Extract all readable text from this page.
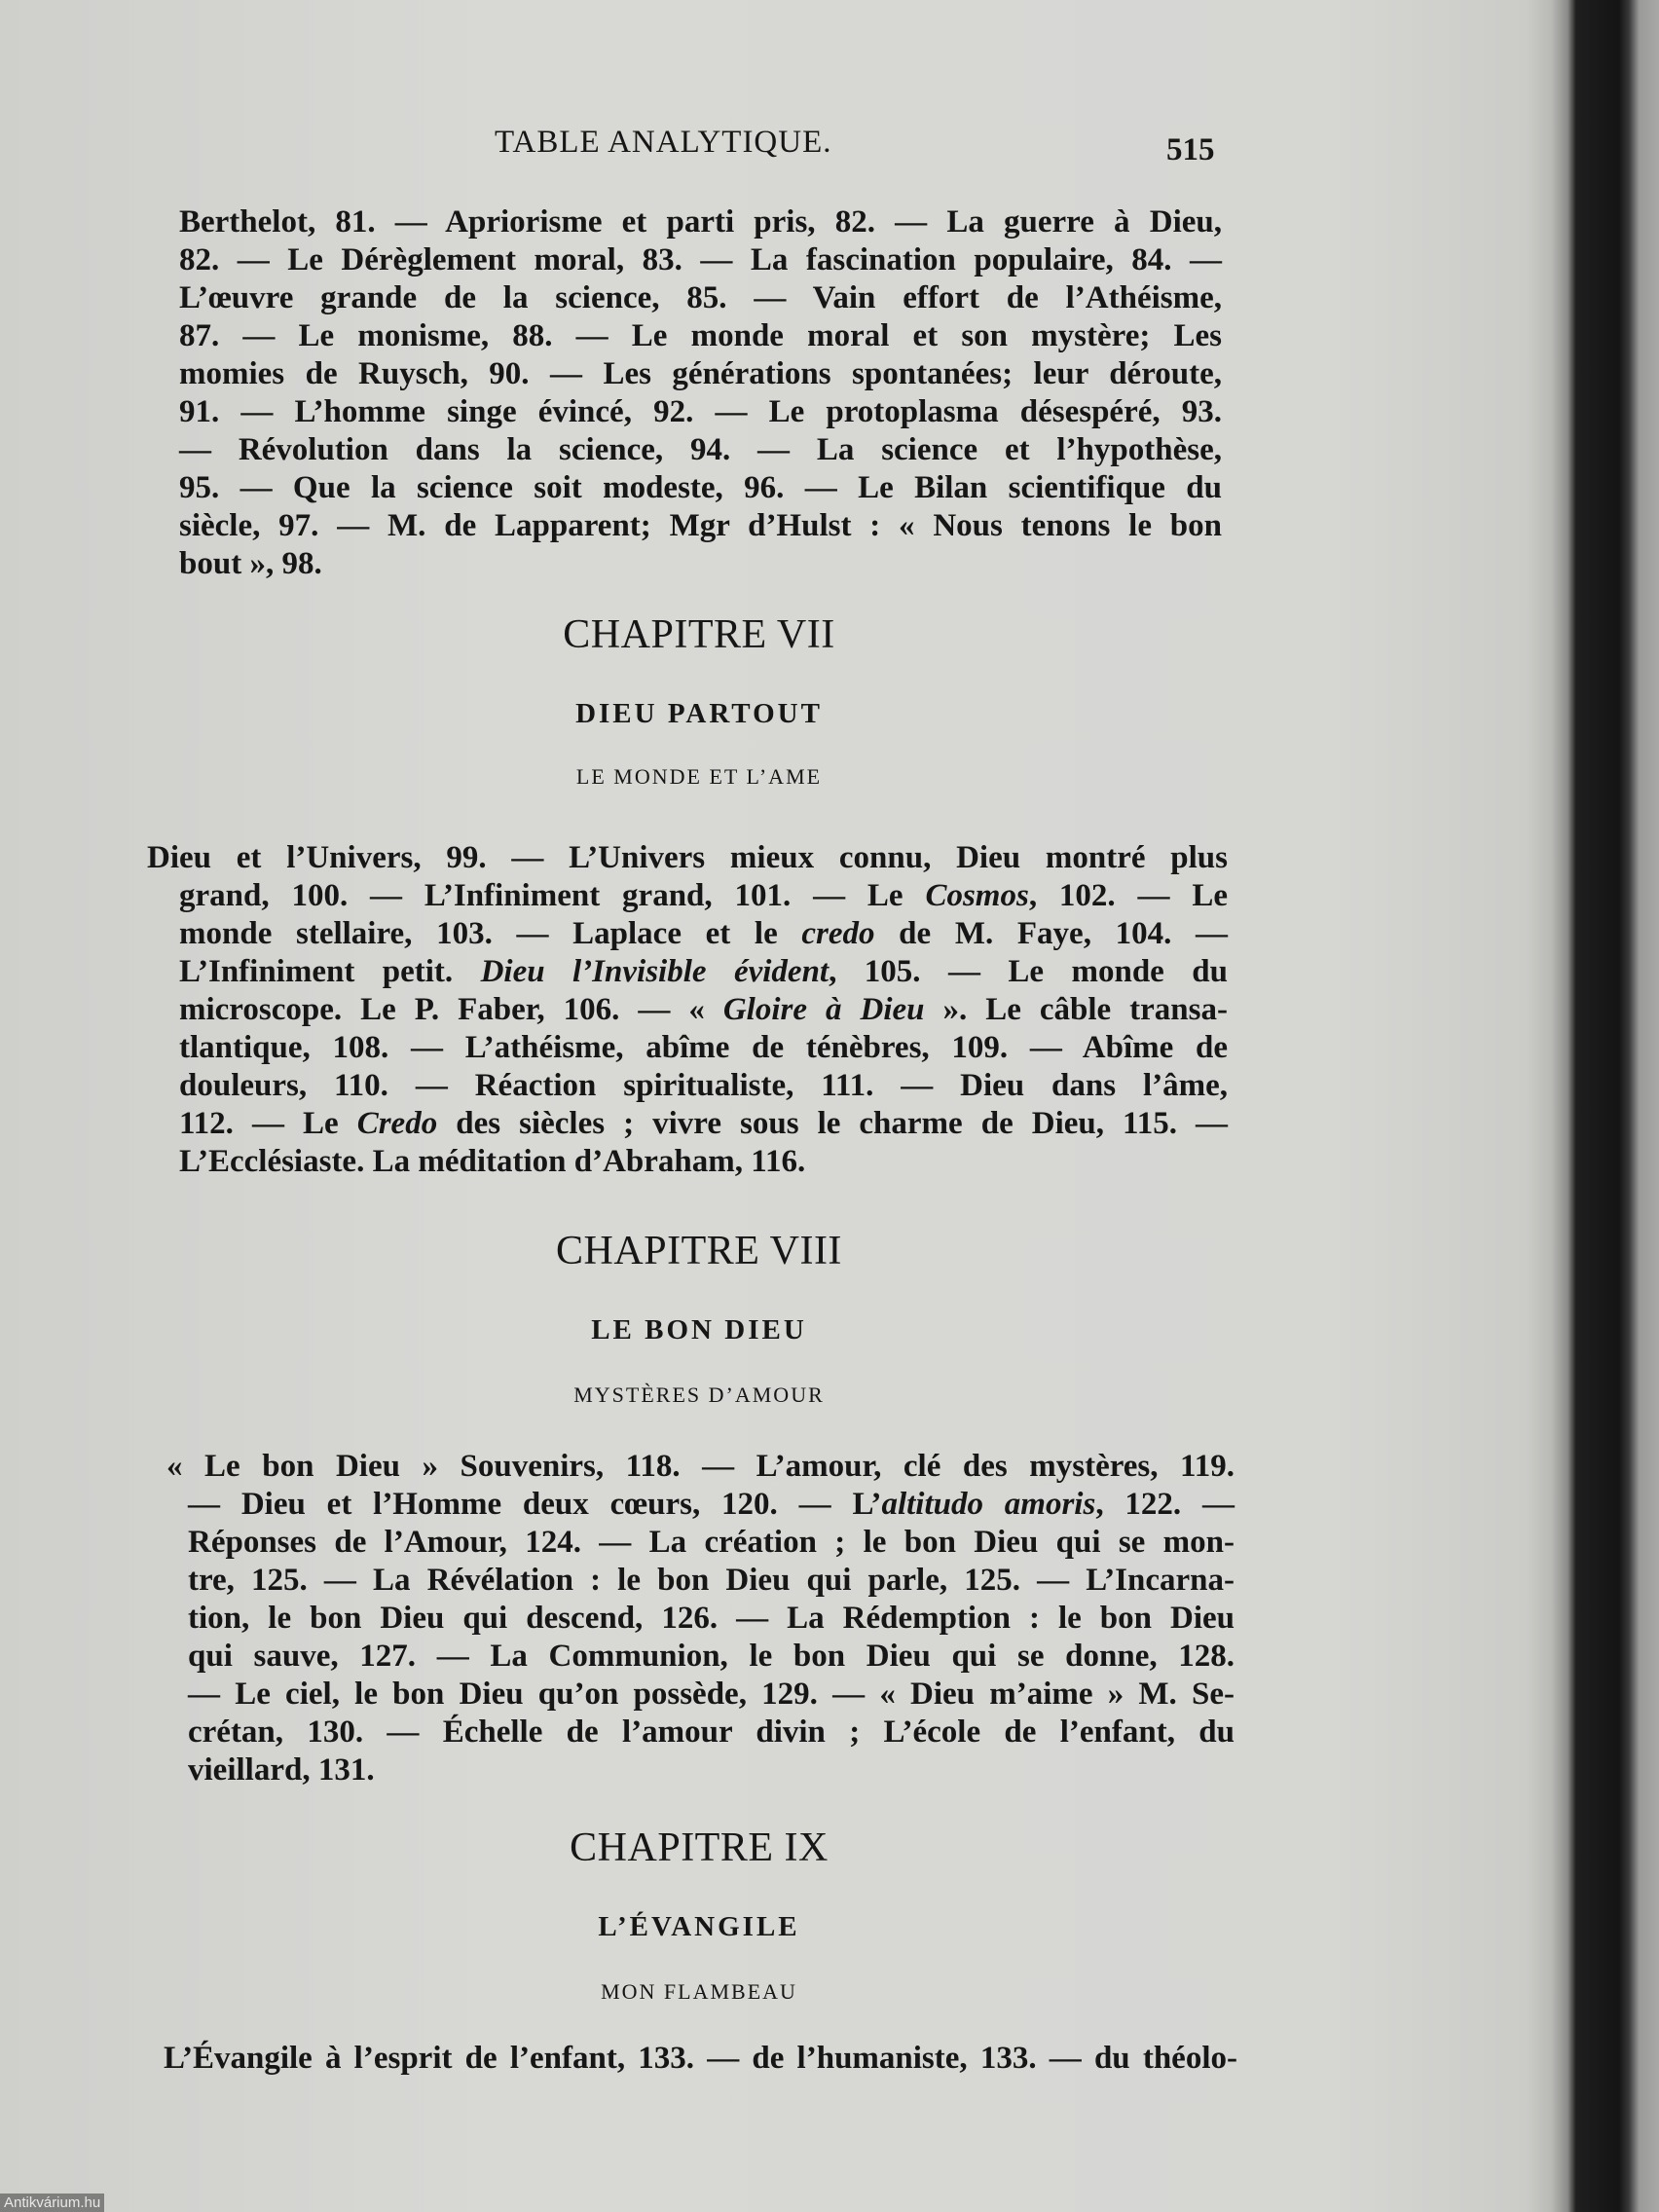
TABLE ANALYTIQUE.	515
Berthelot, 81. — Apriorisme et parti pris, 82. — La guerre à Dieu,
82. — Le Dérèglement moral, 83. — La fascination populaire, 84. —
L’œuvre grande de la science, 85. — Vain effort de l’Athéisme,
87. — Le monisme, 88. — Le monde moral et son mystère; Les
momies de Ruysch, 90. — Les générations spontanées; leur déroute,
91. — L’homme singe évincé, 92. — Le protoplasma désespéré, 93.
— Révolution dans la science, 94. — La science et l’hypothèse,
95. — Que la science soit modeste, 96. — Le Bilan scientifique du
siècle, 97. — M. de Lapparent; Mgr d’Hulst : « Nous tenons le bon
bout », 98.
CHAPITRE VII
DIEU PARTOUT
LE MONDE ET L’AME
Dieu et l’Univers, 99. — L’Univers mieux connu, Dieu montré plus
grand, 100. — L’Infiniment grand, 101. — Le Cosmos, 102. — Le
monde stellaire, 103. — Laplace et le credo de M. Faye, 104. —
L’Infiniment petit. Dieu l’Invisible évident, 105. — Le monde du
microscope. Le P. Faber, 106. — « Gloire à Dieu ». Le câble transa-
tlantique, 108. — L’athéisme, abîme de ténèbres, 109. — Abîme de
douleurs, 110. — Réaction spiritualiste, 111. — Dieu dans l’âme,
112. — Le Credo des siècles ; vivre sous le charme de Dieu, 115. —
L’Ecclésiaste. La méditation d’Abraham, 116.
CHAPITRE VIII
LE BON DIEU
MYSTÈRES D’AMOUR
« Le bon Dieu » Souvenirs, 118. — L’amour, clé des mystères, 119.
— Dieu et l’Homme deux cœurs, 120. — L’altitudo amoris, 122. —
Réponses de l’Amour, 124. — La création ; le bon Dieu qui se mon-
tre, 125. — La Révélation : le bon Dieu qui parle, 125. — L’Incarna-
tion, le bon Dieu qui descend, 126. — La Rédemption : le bon Dieu
qui sauve, 127. — La Communion, le bon Dieu qui se donne, 128.
— Le ciel, le bon Dieu qu’on possède, 129. — « Dieu m’aime » M. Se-
crétan, 130. — Échelle de l’amour divin ; L’école de l’enfant, du
vieillard, 131.
CHAPITRE IX
L’ÉVANGILE
MON FLAMBEAU
L’Évangile à l’esprit de l’enfant, 133. — de l’humaniste, 133. — du théolo-
Antikvárium.hu
